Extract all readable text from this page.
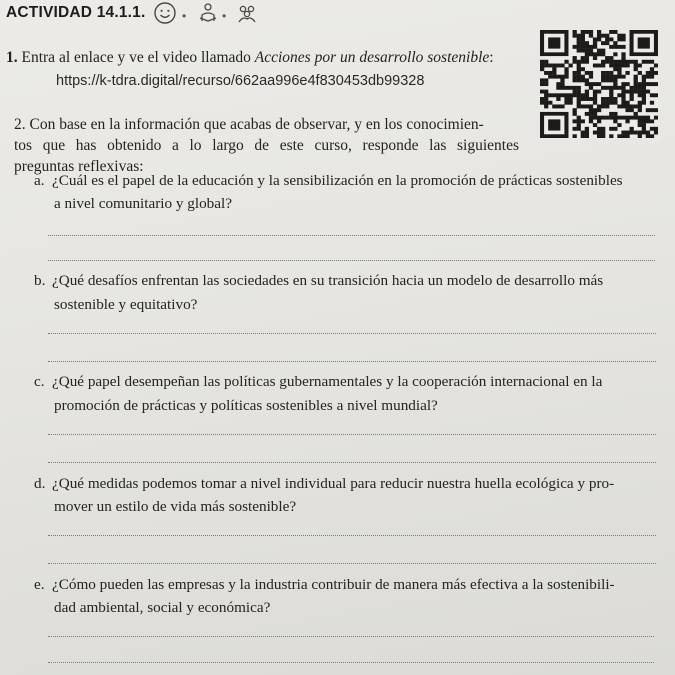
ACTIVIDAD 14.1.1.	•	•
1. Entra al enlace y ve el video llamado Acciones por un desarrollo sostenible:
https://k-tdra.digital/recurso/662aa996e4f830453db99328
2. Con base en la información que acabas de observar, y en los conocimien-
tos que has obtenido a lo largo de este curso, responde las siguientes
preguntas reflexivas:
a. ¿Cuál es el papel de la educación y la sensibilización en la promoción de prácticas sostenibles
a nivel comunitario y global?
b. ¿Qué desafíos enfrentan las sociedades en su transición hacia un modelo de desarrollo más
sostenible y equitativo?
c. ¿Qué papel desempeñan las políticas gubernamentales y la cooperación internacional en la
promoción de prácticas y políticas sostenibles a nivel mundial?
d. ¿Qué medidas podemos tomar a nivel individual para reducir nuestra huella ecológica y pro-
mover un estilo de vida más sostenible?
e. ¿Cómo pueden las empresas y la industria contribuir de manera más efectiva a la sostenibili-
dad ambiental, social y económica?
